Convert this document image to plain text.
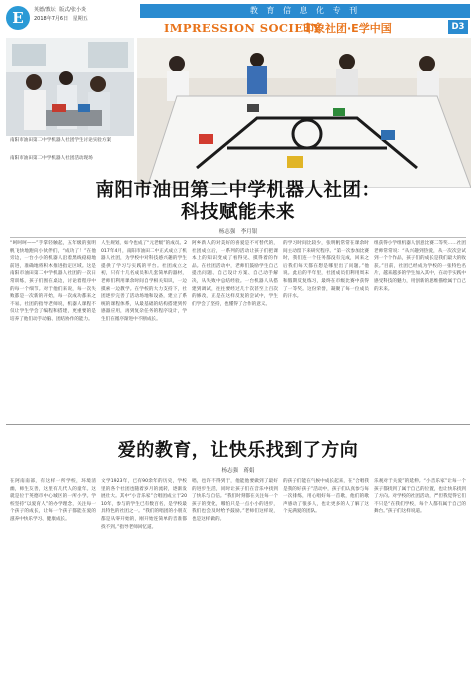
E	英德/教坛 版式/张小炎
2018年7月6日 星期五
教 育 信 息 化 专 刊
IMPRESSION SOCIETY
印象社团·E学中国	D3
南阳市油田第二中学机器人社团学生讨论实验方案
南阳市油田第二中学机器人社团活动现场
南阳市油田第二中学机器人社团：
科技赋能未来
杨志强　李月银
“呵呵呵——”手掌轻触起，五年级的张明帆飞快地跑向小伙伴们，“成功了！”在他旁边，一台小小的机器人沿着黑线稳稳地前进，准确地将积木推进指定区域。这是南阳市油田第二中学机器人社团的一次日常训练，孩子们围在桌边，讨论着程序中的每一个细节。对于他们来说，每一次失败都是一次新的开始，每一次成功都来之不易。社团的指导老师说，机器人课程不仅让学生学会了编程和搭建，更重要的是培养了他们动手动脑、团结协作的能力。
人生规划，如今也成了“元老级”的成员。2017年4月，南阳市油田二中正式成立了机器人社团，为学校中对科技感兴趣的学生提供了学习与实践的平台。社团成立之初，只有十几名成员和几套简单的器材，老师们利用课余时间自学相关知识，一边摸索一边教学。在学校的大力支持下，社团逐步完善了活动场地和设备，建立了系统的课程体系，从最基础的结构搭建到传感器应用，再到复杂任务的程序设计，学生们在循序渐进中不断成长。
阿乡新人的对美好的喜爱是不可替代的，社团成立后，一系列的活动让孩子们把课本上的知识变成了看得见、摸得着的作品。在社团活动中，老师们鼓励学生自己提出问题、自己设计方案、自己动手解决，从失败中总结经验。一台机器人从搭建到调试，往往要经过几十次甚至上百次的修改，正是在这样反复的尝试中，学生们学会了坚持，也懂得了合作的意义。
的学习时间比较少，张明帆常常在课余时间主动留下来研究程序。“第一次参加比赛时，我们连一个任务都没有完成，回来之后我们每天都在想是哪里出了问题。”他说。此后的半年里，社团成员们利用周末和假期反复练习，最终在市级比赛中获得了一等奖。这份荣誉，凝聚了每一位成员的汗水。
组获得小学组机器人创意比赛二等奖……社团老师常常说：“从兴趣到热爱，从一次次尝试到一个个作品，孩子们的成长是我们最大的收获。”目前，社团已经成为学校的一张特色名片，越来越多的学生加入其中，在动手实践中感受科技的魅力，用创新的思维描绘属于自己的未来。
爱的教育，让快乐找到了方向
杨志强　蒋娟
在阿南南部，有这样一所学校，环境清幽，师生友善，这里有几代人的童年。这就是位于英德市中心城区的一所小学。学校坚持“以爱育人”的办学理念，关注每一个孩子的成长，让每一个孩子都能在爱的滋养中快乐学习、健康成长。
文学1923年，已有90余年的历史，学校里的各个社团也随着岁月的流转，逐渐发展壮大。其中“小音乐家”合唱团成立于2010年，参与的学生已有数百名，是学校最具特色的社团之一。“我们的唱团的小朋友都是从零开始的，刚开始连简单的音准都找不到。”指导老师回忆道。
唱，也许不得到于，他能他要做到了最好的进步生活，同时让孩子们在音乐中找到了快乐与自信。“我们时刻都在关注每一个孩子的变化，哪怕只是一点小小的进步，我们也会及时给予鼓励。”老师们这样说，也是这样做的。
的孩子们能在气候中成长起来，在“合唱我是我的好孩子”活动中，孩子们认真参与每一次排练，用心唱好每一首歌，他们的歌声感动了很多人，也让更多的人了解了这个充满爱的团队。
乐观对于关爱”的延伸。“小音乐家”让每一个孩子都找到了属于自己的位置，也让快乐找到了方向。对学校的社团活动，严但我觉得它们不只是“在我们学校，每个人都有属于自己的舞台。”孩子们这样说道。
